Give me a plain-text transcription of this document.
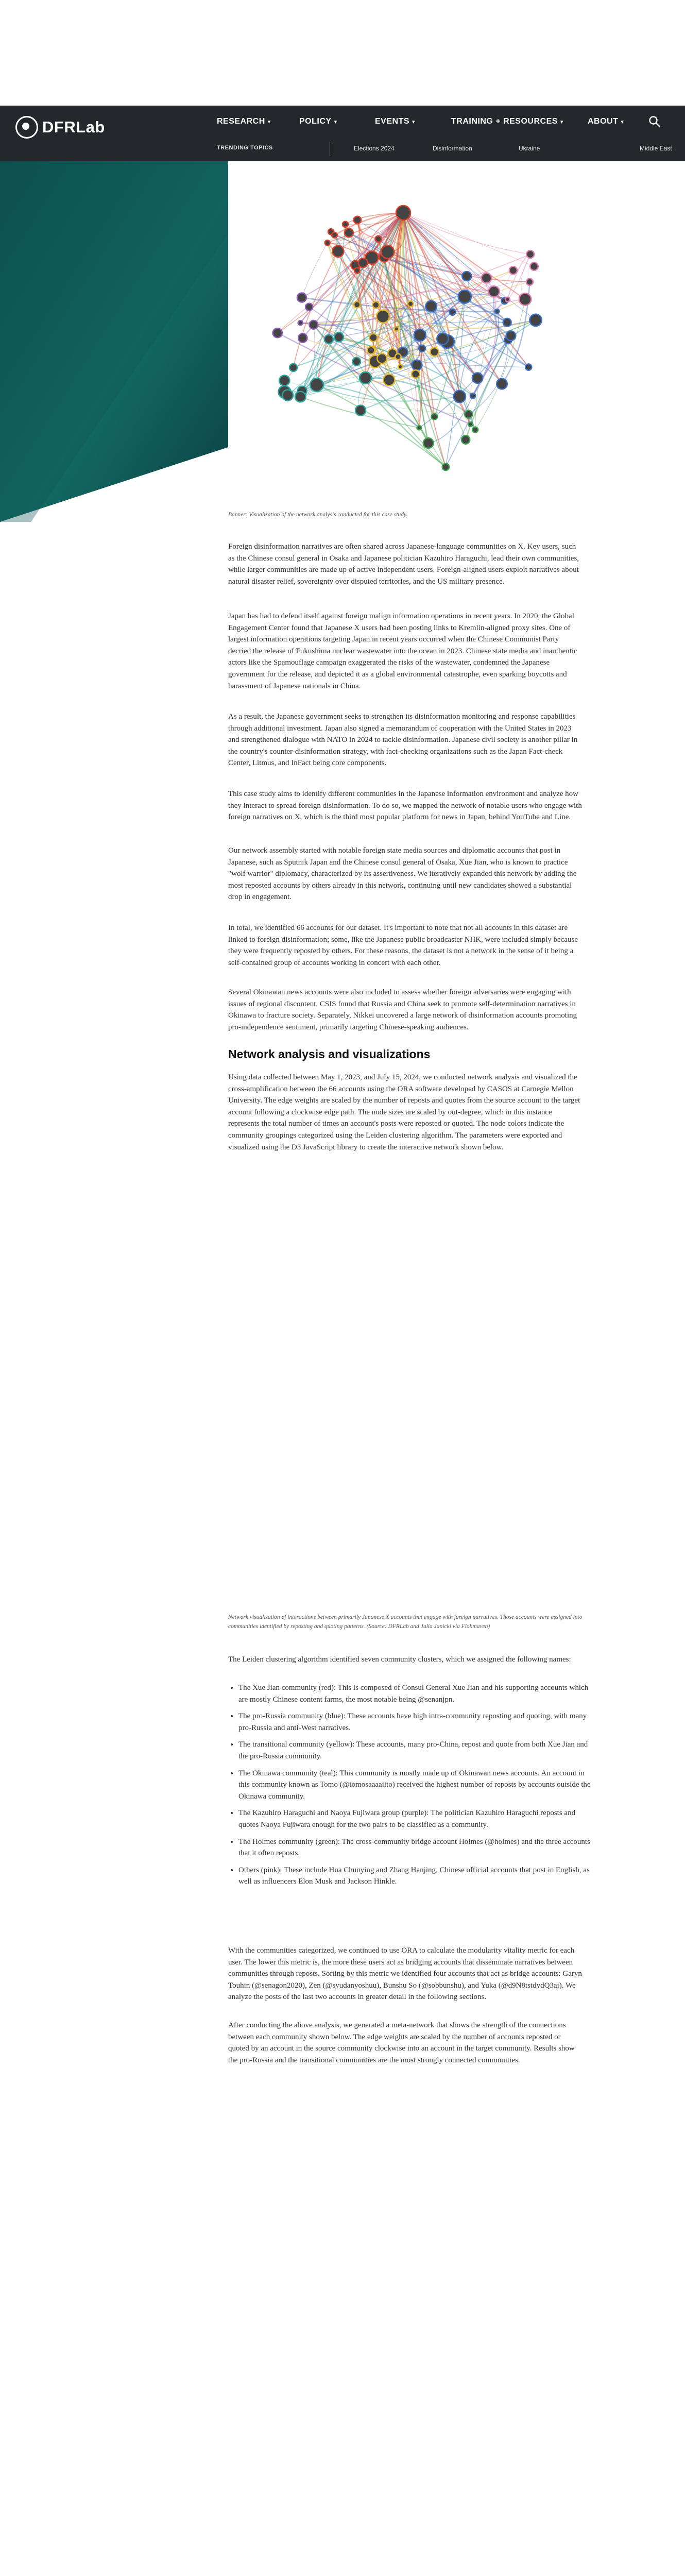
DFRLab	RESEARCH ▾	POLICY ▾	EVENTS ▾	TRAINING + RESOURCES ▾	ABOUT ▾
TRENDING TOPICS	Elections 2024	Disinformation	Ukraine	Middle East

Banner: Visualization of the network analysis conducted for this case study.

Foreign disinformation narratives are often shared across Japanese-language communities on X. Key users, such as the Chinese consul general in Osaka and Japanese politician Kazuhiro Haraguchi, lead their own communities, while larger communities are made up of active independent users. Foreign-aligned users exploit narratives about natural disaster relief, sovereignty over disputed territories, and the US military presence.

Japan has had to defend itself against foreign malign information operations in recent years. In 2020, the Global Engagement Center found that Japanese X users had been posting links to Kremlin-aligned proxy sites. One of largest information operations targeting Japan in recent years occurred when the Chinese Communist Party decried the release of Fukushima nuclear wastewater into the ocean in 2023. Chinese state media and inauthentic actors like the Spamouflage campaign exaggerated the risks of the wastewater, condemned the Japanese government for the release, and depicted it as a global environmental catastrophe, even sparking boycotts and harassment of Japanese nationals in China.

As a result, the Japanese government seeks to strengthen its disinformation monitoring and response capabilities through additional investment. Japan also signed a memorandum of cooperation with the United States in 2023 and strengthened dialogue with NATO in 2024 to tackle disinformation. Japanese civil society is another pillar in the country's counter-disinformation strategy, with fact-checking organizations such as the Japan Fact-check Center, Litmus, and InFact being core components.

This case study aims to identify different communities in the Japanese information environment and analyze how they interact to spread foreign disinformation. To do so, we mapped the network of notable users who engage with foreign narratives on X, which is the third most popular platform for news in Japan, behind YouTube and Line.

Our network assembly started with notable foreign state media sources and diplomatic accounts that post in Japanese, such as Sputnik Japan and the Chinese consul general of Osaka, Xue Jian, who is known to practice "wolf warrior" diplomacy, characterized by its assertiveness. We iteratively expanded this network by adding the most reposted accounts by others already in this network, continuing until new candidates showed a substantial drop in engagement.

In total, we identified 66 accounts for our dataset. It's important to note that not all accounts in this dataset are linked to foreign disinformation; some, like the Japanese public broadcaster NHK, were included simply because they were frequently reposted by others. For these reasons, the dataset is not a network in the sense of it being a self-contained group of accounts working in concert with each other.

Several Okinawan news accounts were also included to assess whether foreign adversaries were engaging with issues of regional discontent. CSIS found that Russia and China seek to promote self-determination narratives in Okinawa to fracture society. Separately, Nikkei uncovered a large network of disinformation accounts promoting pro-independence sentiment, primarily targeting Chinese-speaking audiences.

Network analysis and visualizations

Using data collected between May 1, 2023, and July 15, 2024, we conducted network analysis and visualized the cross-amplification between the 66 accounts using the ORA software developed by CASOS at Carnegie Mellon University. The edge weights are scaled by the number of reposts and quotes from the source account to the target account following a clockwise edge path. The node sizes are scaled by out-degree, which in this instance represents the total number of times an account's posts were reposted or quoted. The node colors indicate the community groupings categorized using the Leiden clustering algorithm. The parameters were exported and visualized using the D3 JavaScript library to create the interactive network shown below.

Network visualization of interactions between primarily Japanese X accounts that engage with foreign narratives. Those accounts were assigned into communities identified by reposting and quoting patterns. (Source: DFRLab and Julia Janicki via Flohmaven)

The Leiden clustering algorithm identified seven community clusters, which we assigned the following names:

• The Xue Jian community (red): This is composed of Consul General Xue Jian and his supporting accounts which are mostly Chinese content farms, the most notable being @senanjpn.
• The pro-Russia community (blue): These accounts have high intra-community reposting and quoting, with many pro-Russia and anti-West narratives.
• The transitional community (yellow): These accounts, many pro-China, repost and quote from both Xue Jian and the pro-Russia community.
• The Okinawa community (teal): This community is mostly made up of Okinawan news accounts. An account in this community known as Tomo (@tomosaaaaiito) received the highest number of reposts by accounts outside the Okinawa community.
• The Kazuhiro Haraguchi and Naoya Fujiwara group (purple): The politician Kazuhiro Haraguchi reposts and quotes Naoya Fujiwara enough for the two pairs to be classified as a community.
• The Holmes community (green): The cross-community bridge account Holmes (@holmes) and the three accounts that it often reposts.
• Others (pink): These include Hua Chunying and Zhang Hanjing, Chinese official accounts that post in English, as well as influencers Elon Musk and Jackson Hinkle.

With the communities categorized, we continued to use ORA to calculate the modularity vitality metric for each user. The lower this metric is, the more these users act as bridging accounts that disseminate narratives between communities through reposts. Sorting by this metric we identified four accounts that act as bridge accounts: Garyn Touhin (@senagon2020), Zen (@syudanyoshuu), Bunshu So (@sobbunshu), and Yuka (@d9N8tstdydQ3ai). We analyze the posts of the last two accounts in greater detail in the following sections.

After conducting the above analysis, we generated a meta-network that shows the strength of the connections between each community shown below. The edge weights are scaled by the number of accounts reposted or quoted by an account in the source community clockwise into an account in the target community. Results show the pro-Russia and the transitional communities are the most strongly connected communities.
